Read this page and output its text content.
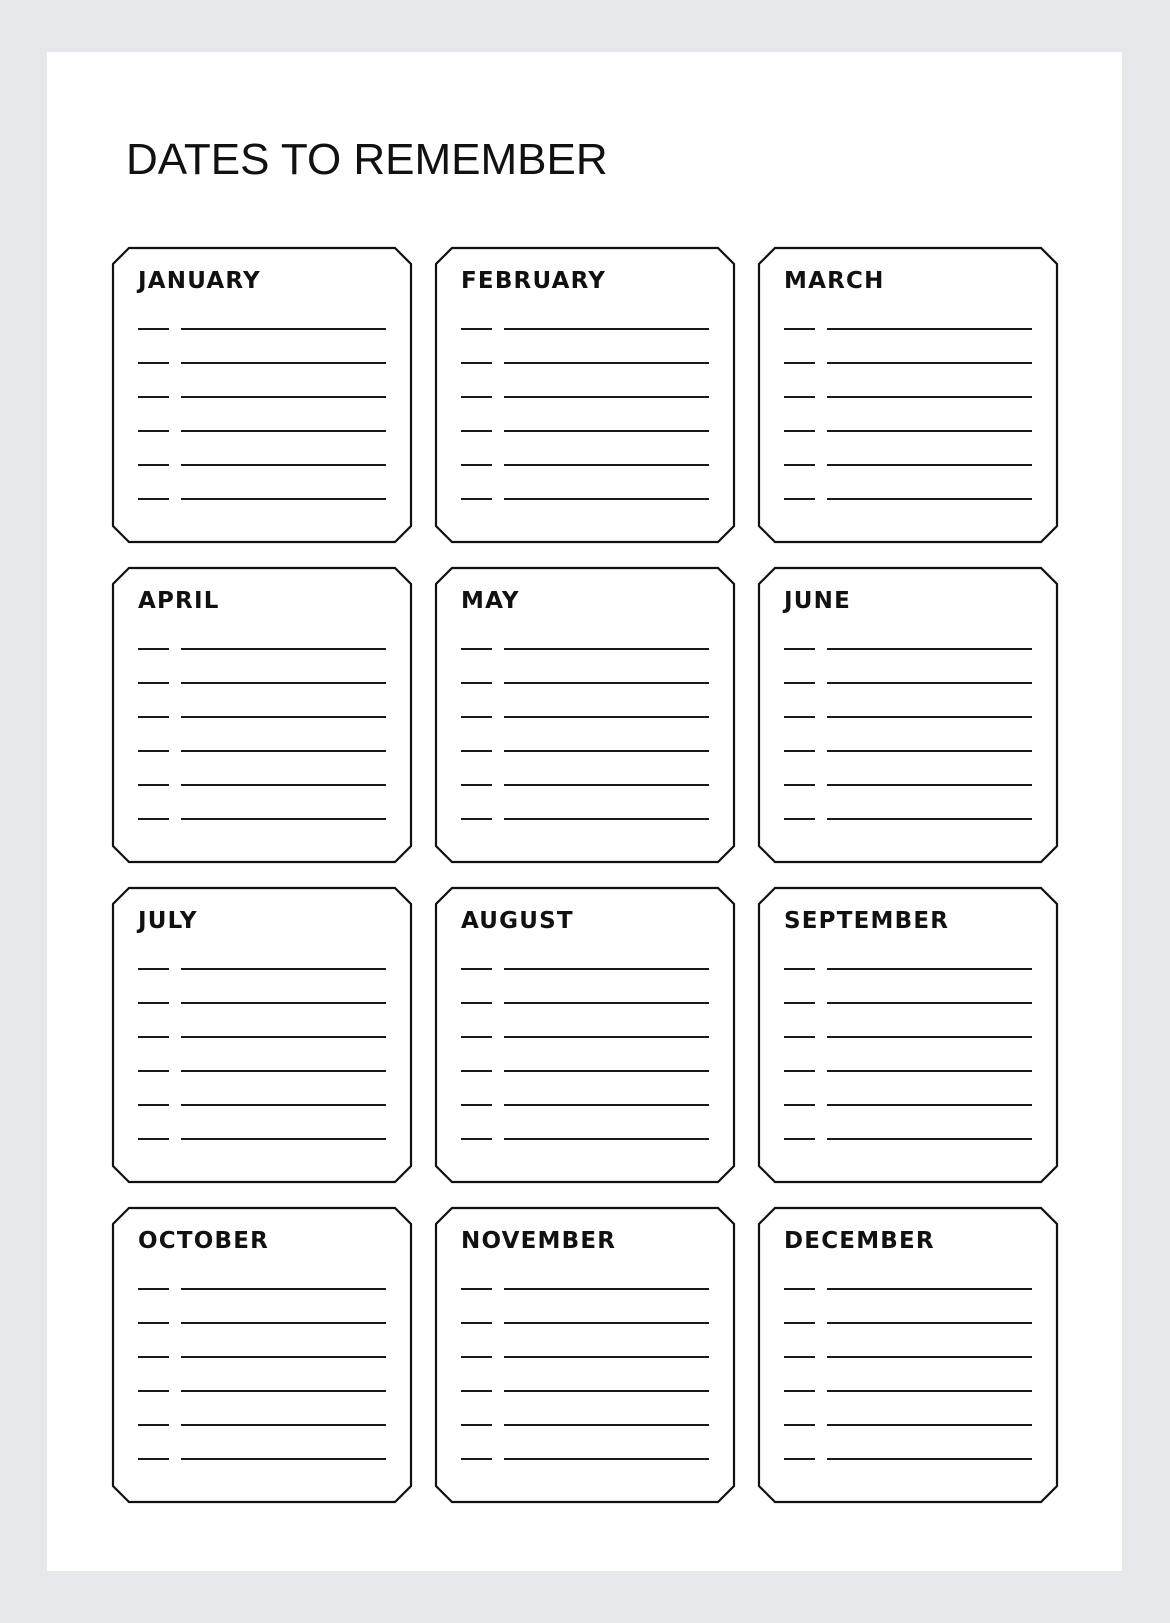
DATES TO REMEMBER
JANUARY	FEBRUARY	MARCH
APRIL	MAY	JUNE
JULY	AUGUST	SEPTEMBER
OCTOBER	NOVEMBER	DECEMBER
